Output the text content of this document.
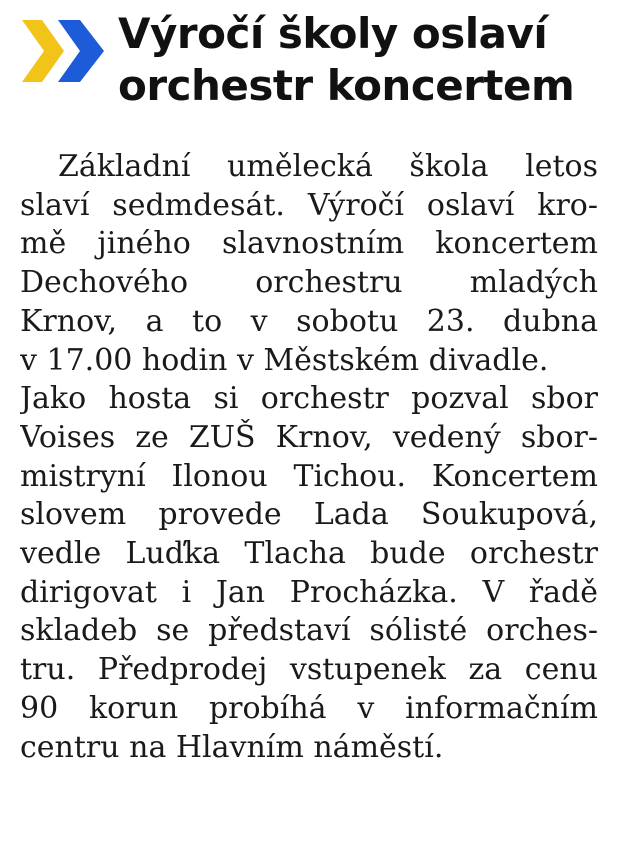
Výročí školy oslaví
orchestr koncertem

Základní umělecká škola letos
slaví sedmdesát. Výročí oslaví kro-
mě jiného slavnostním koncertem
Dechového orchestru mladých
Krnov, a to v sobotu 23. dubna
v 17.00 hodin v Městském divadle.
Jako hosta si orchestr pozval sbor
Voises ze ZUŠ Krnov, vedený sbor-
mistryní Ilonou Tichou. Koncertem
slovem provede Lada Soukupová,
vedle Luďka Tlacha bude orchestr
dirigovat i Jan Procházka. V řadě
skladeb se představí sólisté orches-
tru. Předprodej vstupenek za cenu
90 korun probíhá v informačním
centru na Hlavním náměstí.
